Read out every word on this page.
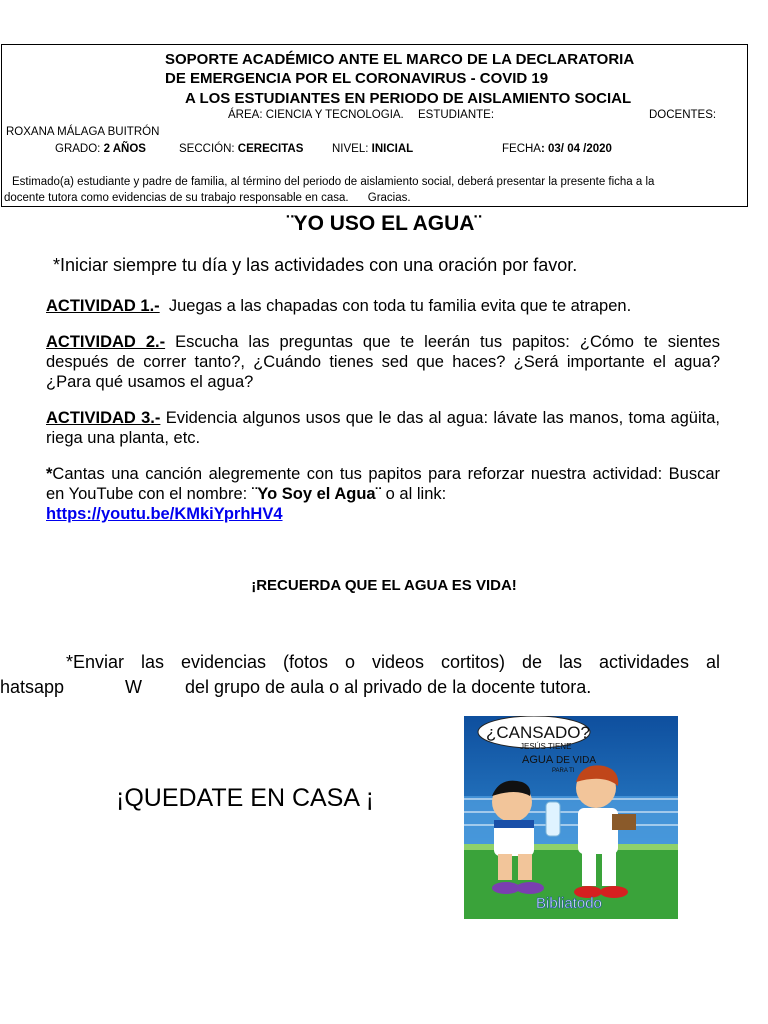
SOPORTE ACADÉMICO ANTE EL MARCO DE LA DECLARATORIA
DE EMERGENCIA POR EL CORONAVIRUS - COVID 19
A LOS ESTUDIANTES EN PERIODO DE AISLAMIENTO SOCIAL
ÁREA: CIENCIA Y TECNOLOGIA. ESTUDIANTE:	DOCENTES:
ROXANA MÁLAGA BUITRÓN
GRADO: 2 AÑOS	SECCIÓN: CERECITAS NIVEL: INICIAL	FECHA: 03/ 04 /2020
Estimado(a) estudiante y padre de familia, al término del periodo de aislamiento social, deberá presentar la presente ficha a la
docente tutora como evidencias de su trabajo responsable en casa. Gracias.
¨YO USO EL AGUA¨
*Iniciar siempre tu día y las actividades con una oración por favor.
ACTIVIDAD 1.- Juegas a las chapadas con toda tu familia evita que te atrapen.
ACTIVIDAD 2.- Escucha las preguntas que te leerán tus papitos: ¿Cómo te sientes después de correr tanto?, ¿Cuándo tienes sed que haces? ¿Será importante el agua? ¿Para qué usamos el agua?
ACTIVIDAD 3.- Evidencia algunos usos que le das al agua: lávate las manos, toma agüita, riega una planta, etc.
*Cantas una canción alegremente con tus papitos para reforzar nuestra actividad: Buscar en YouTube con el nombre: ¨Yo Soy el Agua¨ o al link:
https://youtu.be/KMkiYprhHV4
¡RECUERDA QUE EL AGUA ES VIDA!
*Enviar las evidencias (fotos o videos cortitos) de las actividades al
hatsapp	W del grupo de aula o al privado de la docente tutora.
¡QUEDATE EN CASA ¡
¿CANSADO?
JESÚS TIENE
AGUA DE VIDA
PARA TI
Bibliatodo
